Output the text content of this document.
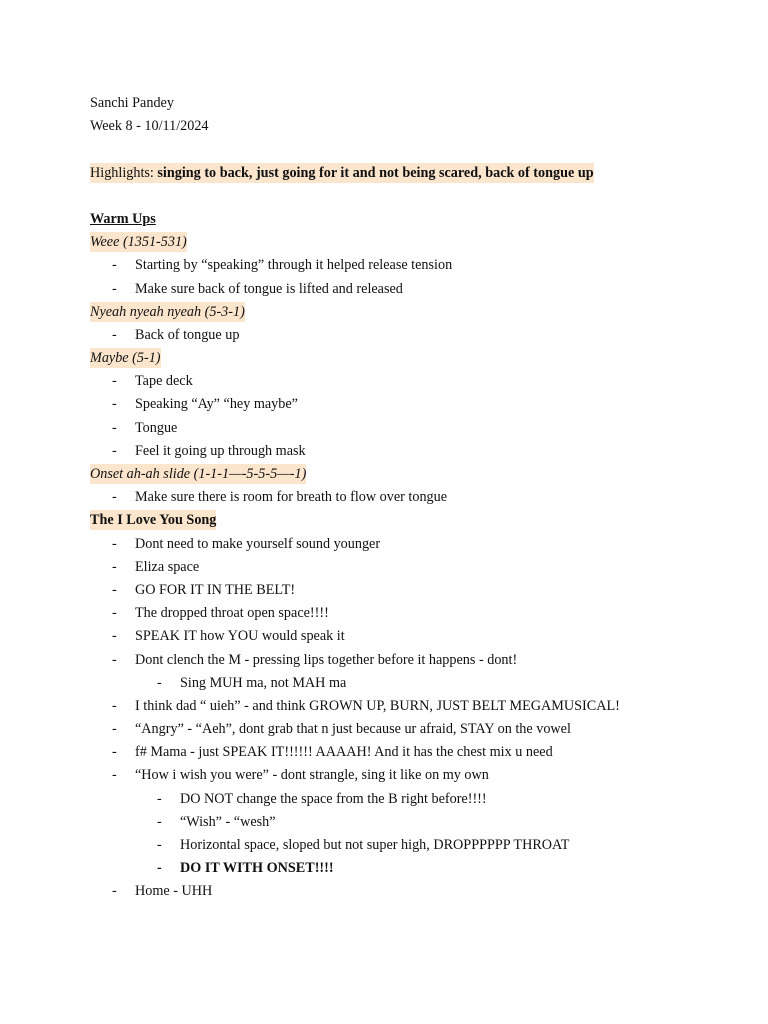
Sanchi Pandey
Week 8 - 10/11/2024
Highlights: singing to back, just going for it and not being scared, back of tongue up
Warm Ups
Weee (1351-531)
- Starting by “speaking” through it helped release tension
- Make sure back of tongue is lifted and released
Nyeah nyeah nyeah (5-3-1)
- Back of tongue up
Maybe (5-1)
- Tape deck
- Speaking “Ay” “hey maybe”
- Tongue
- Feel it going up through mask
Onset ah-ah slide (1-1-1—-5-5-5—-1)
- Make sure there is room for breath to flow over tongue
The I Love You Song
- Dont need to make yourself sound younger
- Eliza space
- GO FOR IT IN THE BELT!
- The dropped throat open space!!!!
- SPEAK IT how YOU would speak it
- Dont clench the M - pressing lips together before it happens - dont!
- Sing MUH ma, not MAH ma
- I think dad “ uieh” - and think GROWN UP, BURN, JUST BELT MEGAMUSICAL!
- “Angry” - “Aeh”, dont grab that n just because ur afraid, STAY on the vowel
- f# Mama - just SPEAK IT!!!!!! AAAAH! And it has the chest mix u need
- “How i wish you were” - dont strangle, sing it like on my own
- DO NOT change the space from the B right before!!!!
- “Wish” - “wesh”
- Horizontal space, sloped but not super high, DROPPPPPP THROAT
- DO IT WITH ONSET!!!!
- Home - UHH
